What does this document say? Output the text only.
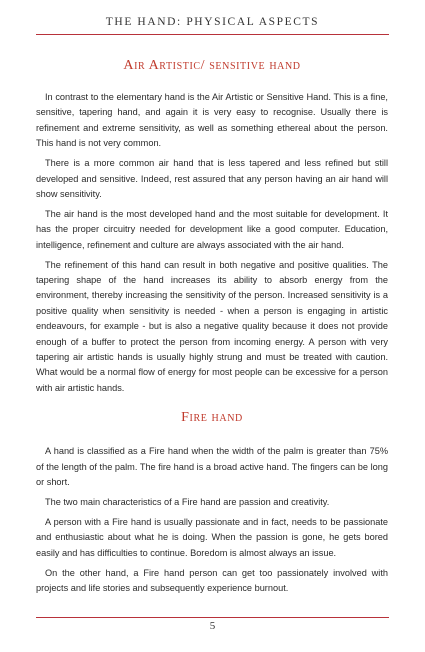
THE HAND: PHYSICAL ASPECTS
Air Artistic/ sensitive hand

In contrast to the elementary hand is the Air Artistic or Sensitive Hand. This is a fine, sensitive, tapering hand, and again it is very easy to recognise. Usually there is refinement and extreme sensitivity, as well as something ethereal about the person. This hand is not very common.

There is a more common air hand that is less tapered and less refined but still developed and sensitive. Indeed, rest assured that any person having an air hand will show sensitivity.

The air hand is the most developed hand and the most suitable for development. It has the proper circuitry needed for development like a good computer. Education, intelligence, refinement and culture are always associated with the air hand.

The refinement of this hand can result in both negative and positive qualities. The tapering shape of the hand increases its ability to absorb energy from the environment, thereby increasing the sensitivity of the person. Increased sensitivity is a positive quality when sensitivity is needed - when a person is engaging in artistic endeavours, for example - but is also a negative quality because it does not provide enough of a buffer to protect the person from incoming energy. A person with very tapering air artistic hands is usually highly strung and must be treated with caution. What would be a normal flow of energy for most people can be excessive for a person with air artistic hands.

Fire hand

A hand is classified as a Fire hand when the width of the palm is greater than 75% of the length of the palm. The fire hand is a broad active hand. The fingers can be long or short.

The two main characteristics of a Fire hand are passion and creativity.

A person with a Fire hand is usually passionate and in fact, needs to be passionate and enthusiastic about what he is doing. When the passion is gone, he gets bored easily and has difficulties to continue. Boredom is almost always an issue.

On the other hand, a Fire hand person can get too passionately involved with projects and life stories and subsequently experience burnout.

5
